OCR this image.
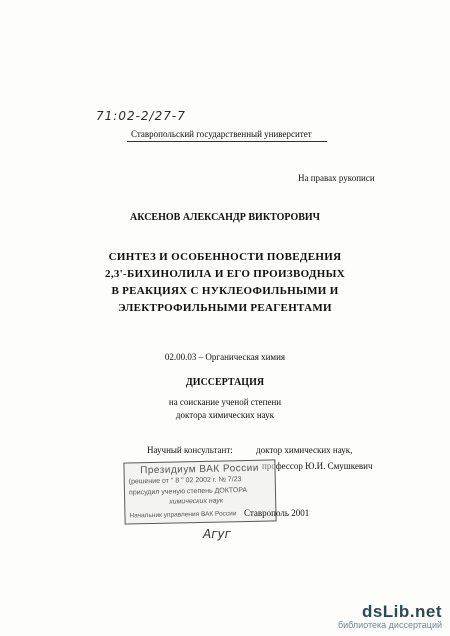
71:02-2/27-7
Ставропольский государственный университет
На правах рукописи
АКСЕНОВ АЛЕКСАНДР ВИКТОРОВИЧ
СИНТЕЗ И ОСОБЕННОСТИ ПОВЕДЕНИЯ
2,3'-БИХИНОЛИЛА И ЕГО ПРОИЗВОДНЫХ
В РЕАКЦИЯХ С НУКЛЕОФИЛЬНЫМИ И
ЭЛЕКТРОФИЛЬНЫМИ РЕАГЕНТАМИ
02.00.03 – Органическая химия
ДИССЕРТАЦИЯ
на соискание ученой степени
доктора химических наук
Научный консультант:	доктор химических наук,
профессор Ю.И. Смушкевич
Президиум ВАК России
(решение от " 8 " 02 2002 г. № 7/23
присудил ученую степень ДОКТОРА
химических наук
Начальник управления ВАК России
Агуг
Ставрополь 2001
dsLib.net
библиотека диссертаций
